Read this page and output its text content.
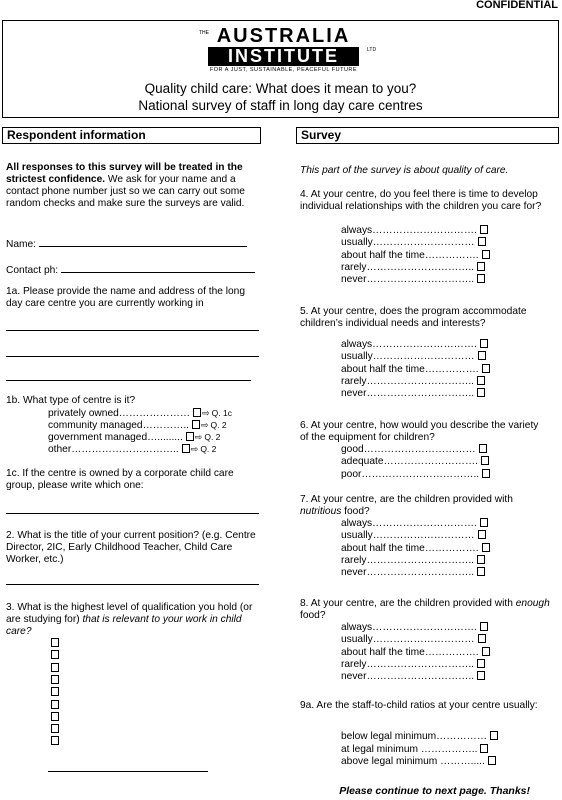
CONFIDENTIAL
THE
LTD
AUSTRALIA
INSTITUTE
FOR A JUST, SUSTAINABLE, PEACEFUL FUTURE
Quality child care: What does it mean to you?
National survey of staff in long day care centres
Respondent information	Survey

All responses to this survey will be treated in the strictest confidence. We ask for your name and a contact phone number just so we can carry out some random checks and make sure the surveys are valid.

Name:
Contact ph:

1a. Please provide the name and address of the long day care centre you are currently working in

1b. What type of centre is it?

privately owned………………… ⇨ Q. 1c
community managed………….. ⇨ Q. 2
government managed…......... ⇨ Q. 2
other………………………….. ⇨ Q. 2

1c. If the centre is owned by a corporate child care group, please write which one:

2. What is the title of your current position? (e.g. Centre Director, 2IC, Early Childhood Teacher, Child Care Worker, etc.)

3. What is the highest level of qualification you hold (or are studying for) that is relevant to your work in child care?

This part of the survey is about quality of care.

4. At your centre, do you feel there is time to develop individual relationships with the children you care for?

always………………………….
usually…………………………
about half the time…………….
rarely…………………………..
never…………………………..

5. At your centre, does the program accommodate children’s individual needs and interests?

always………………………….
usually…………………………
about half the time…………….
rarely…………………………..
never…………………………..

6. At your centre, how would you describe the variety of the equipment for children?

good……………………………
adequate……………………….
poor……………………………..

7. At your centre, are the children provided with nutritious food?

always………………………….
usually…………………………
about half the time…………….
rarely…………………………..
never…………………………..

8. At your centre, are the children provided with enough food?

always………………………….
usually…………………………
about half the time…………….
rarely…………………………..
never…………………………..

9a. Are the staff-to-child ratios at your centre usually:

below legal minimum……………
at legal minimum ……………..
above legal minimum ……….....
Please continue to next page. Thanks!
